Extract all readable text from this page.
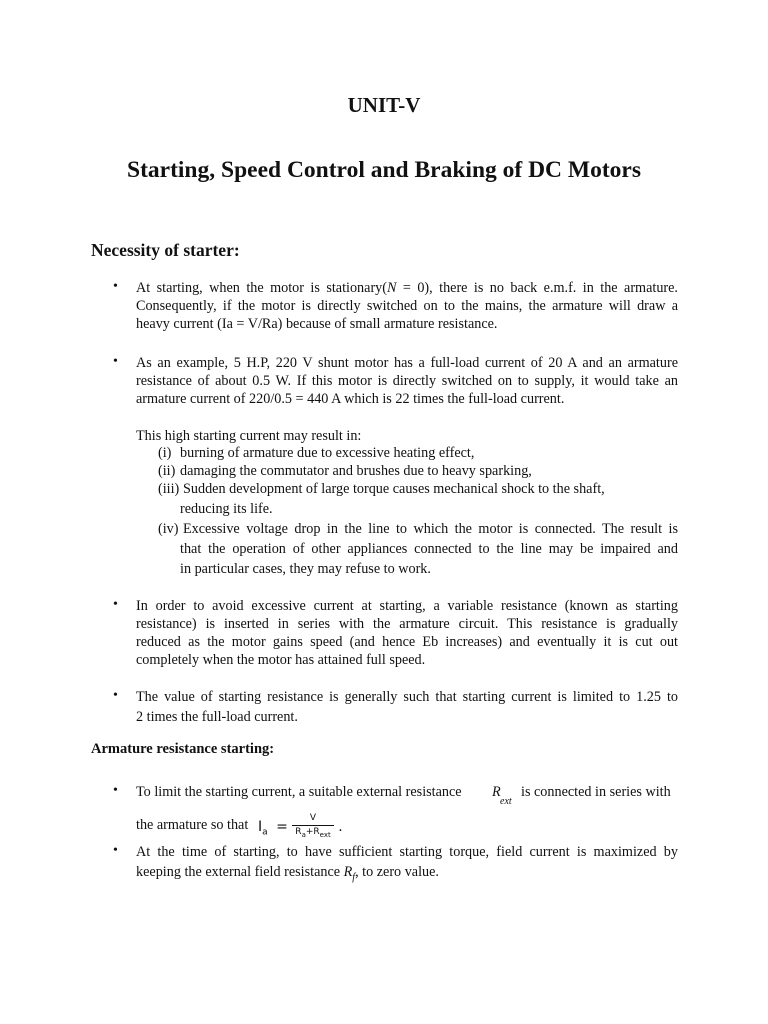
UNIT-V
Starting, Speed Control and Braking of DC Motors
Necessity of starter:
• At starting, when the motor is stationary(N = 0), there is no back e.m.f. in the armature.
Consequently, if the motor is directly switched on to the mains, the armature will draw a
heavy current (Ia = V/Ra) because of small armature resistance.
• As an example, 5 H.P, 220 V shunt motor has a full-load current of 20 A and an armature
resistance of about 0.5 W. If this motor is directly switched on to supply, it would take an
armature current of 220/0.5 = 440 A which is 22 times the full-load current.
This high starting current may result in:
(i) burning of armature due to excessive heating effect,
(ii) damaging the commutator and brushes due to heavy sparking,
(iii) Sudden development of large torque causes mechanical shock to the shaft,
reducing its life.
(iv) Excessive voltage drop in the line to which the motor is connected. The result is
that the operation of other appliances connected to the line may be impaired and
in particular cases, they may refuse to work.
• In order to avoid excessive current at starting, a variable resistance (known as starting
resistance) is inserted in series with the armature circuit. This resistance is gradually
reduced as the motor gains speed (and hence Eb increases) and eventually it is cut out
completely when the motor has attained full speed.
• The value of starting resistance is generally such that starting current is limited to 1.25 to
2 times the full-load current.
Armature resistance starting:
• To limit the starting current, a suitable external resistance R
ext
is connected in series with
the armature so that $I_a = \frac{V}{R_a+R_{ext}}$ .
• At the time of starting, to have sufficient starting torque, field current is maximized by
keeping the external field resistance $R_f$, to zero value.
